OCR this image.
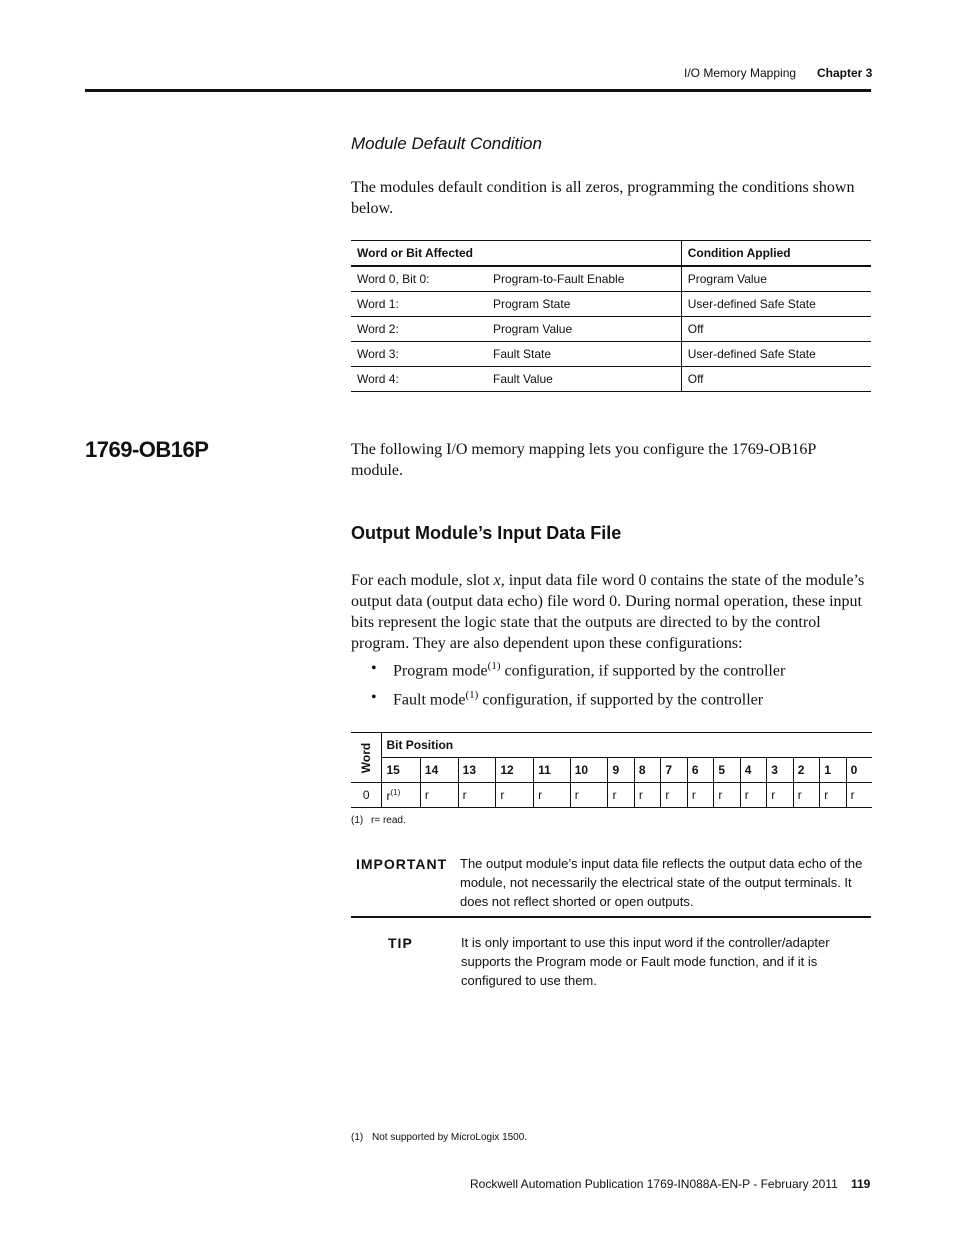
I/O Memory Mapping Chapter 3
Module Default Condition
The modules default condition is all zeros, programming the conditions shown below.
Word or Bit Affected		Condition Applied
Word 0, Bit 0:	Program-to-Fault Enable	Program Value
Word 1:	Program State	User-defined Safe State
Word 2:	Program Value	Off
Word 3:	Fault State	User-defined Safe State
Word 4:	Fault Value	Off
1769-OB16P	The following I/O memory mapping lets you configure the 1769-OB16P module.
Output Module’s Input Data File
For each module, slot x, input data file word 0 contains the state of the module’s output data (output data echo) file word 0. During normal operation, these input bits represent the logic state that the outputs are directed to by the control program. They are also dependent upon these configurations:
• Program mode$^{(1)}$ configuration, if supported by the controller
• Fault mode$^{(1)}$ configuration, if supported by the controller
Word	Bit Position															
	15	14	13	12	11	10	9	8	7	6	5	4	3	2	1	0
0	$r^{(1)}$	r	r	r	r	r	r	r	r	r	r	r	r	r	r	r
(1) r= read.
IMPORTANT The output module’s input data file reflects the output data echo of the module, not necessarily the electrical state of the output terminals. It does not reflect shorted or open outputs.
TIP	It is only important to use this input word if the controller/adapter supports the Program mode or Fault mode function, and if it is configured to use them.
(1) Not supported by MicroLogix 1500.
Rockwell Automation Publication 1769-IN088A-EN-P - February 2011 119
